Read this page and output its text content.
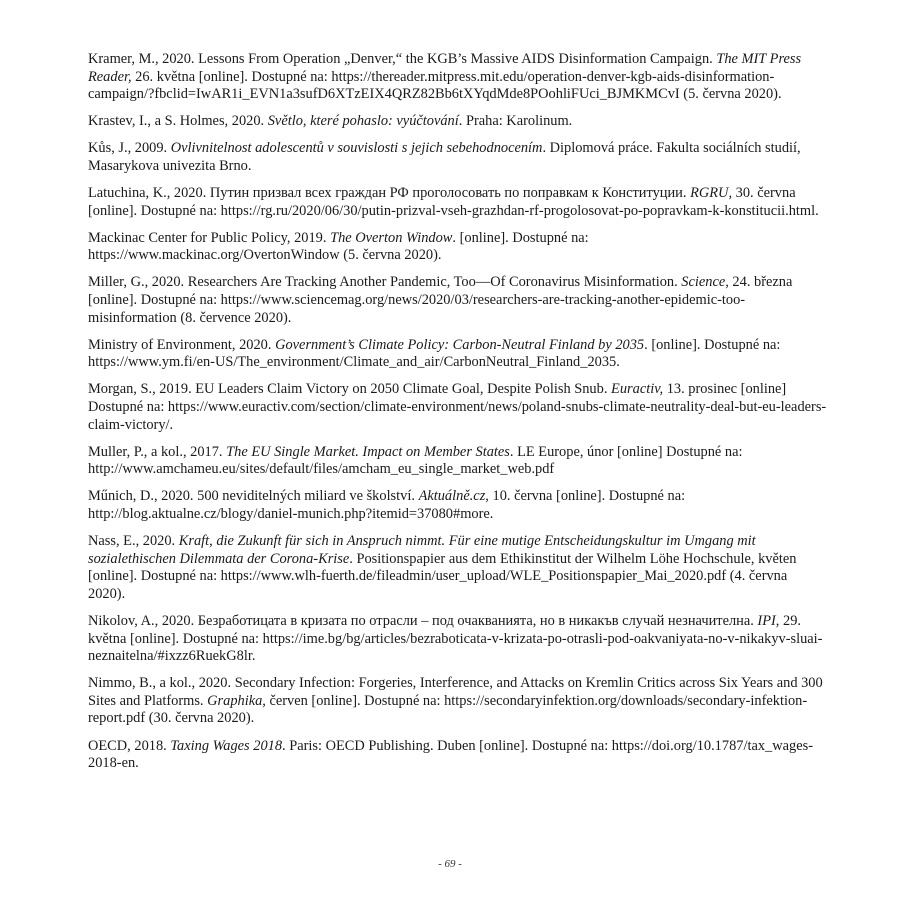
Kramer, M., 2020. Lessons From Operation „Denver,“ the KGB’s Massive AIDS Disinformation Campaign. The MIT Press Reader, 26. května [online]. Dostupné na: https://thereader.mitpress.mit.edu/operation-denver-kgb-aids-disinformation-campaign/?fbclid=IwAR1i_EVN1a3sufD6XTzEIX4QRZ82Bb6tXYqdMde8POohliFUci_BJMKMCvI (5. června 2020).

Krastev, I., a S. Holmes, 2020. Světlo, které pohaslo: vyúčtování. Praha: Karolinum.

Kůs, J., 2009. Ovlivnitelnost adolescentů v souvislosti s jejich sebehodnocením. Diplomová práce. Fakulta sociálních studií, Masarykova univezita Brno.

Latuchina, K., 2020. Путин призвал всех граждан РФ проголосовать по поправкам к Конституции. RGRU, 30. června [online]. Dostupné na: https://rg.ru/2020/06/30/putin-prizval-vseh-grazhdan-rf-progolosovat-po-popravkam-k-konstitucii.html.

Mackinac Center for Public Policy, 2019. The Overton Window. [online]. Dostupné na: https://www.mackinac.org/OvertonWindow (5. června 2020).

Miller, G., 2020. Researchers Are Tracking Another Pandemic, Too—Of Coronavirus Misinformation. Science, 24. března [online]. Dostupné na: https://www.sciencemag.org/news/2020/03/researchers-are-tracking-another-epidemic-too-misinformation (8. července 2020).

Ministry of Environment, 2020. Government’s Climate Policy: Carbon-Neutral Finland by 2035. [online]. Dostupné na: https://www.ym.fi/en-US/The_environment/Climate_and_air/CarbonNeutral_Finland_2035.

Morgan, S., 2019. EU Leaders Claim Victory on 2050 Climate Goal, Despite Polish Snub. Euractiv, 13. prosinec [online] Dostupné na: https://www.euractiv.com/section/climate-environment/news/poland-snubs-climate-neutrality-deal-but-eu-leaders-claim-victory/.

Muller, P., a kol., 2017. The EU Single Market. Impact on Member States. LE Europe, únor [online] Dostupné na: http://www.amchameu.eu/sites/default/files/amcham_eu_single_market_web.pdf

Műnich, D., 2020. 500 neviditelných miliard ve školství. Aktuálně.cz, 10. června [online]. Dostupné na: http://blog.aktualne.cz/blogy/daniel-munich.php?itemid=37080#more.

Nass, E., 2020. Kraft, die Zukunft für sich in Anspruch nimmt. Für eine mutige Entscheidungskultur im Umgang mit sozialethischen Dilemmata der Corona-Krise. Positionspapier aus dem Ethikinstitut der Wilhelm Löhe Hochschule, květen [online]. Dostupné na: https://www.wlh-fuerth.de/fileadmin/user_upload/WLE_Positionspapier_Mai_2020.pdf (4. června 2020).

Nikolov, A., 2020. Безработицата в кризата по отрасли – под очакванията, но в никакъв случай незначителна. IPI, 29. května [online]. Dostupné na: https://ime.bg/bg/articles/bezraboticata-v-krizata-po-otrasli-pod-oakvaniyata-no-v-nikakyv-sluai-neznaitelna/#ixzz6RuekG8lr.

Nimmo, B., a kol., 2020. Secondary Infection: Forgeries, Interference, and Attacks on Kremlin Critics across Six Years and 300 Sites and Platforms. Graphika, červen [online]. Dostupné na: https://secondaryinfektion.org/downloads/secondary-infektion-report.pdf (30. června 2020).

OECD, 2018. Taxing Wages 2018. Paris: OECD Publishing. Duben [online]. Dostupné na: https://doi.org/10.1787/tax_wages-2018-en.

- 69 -
